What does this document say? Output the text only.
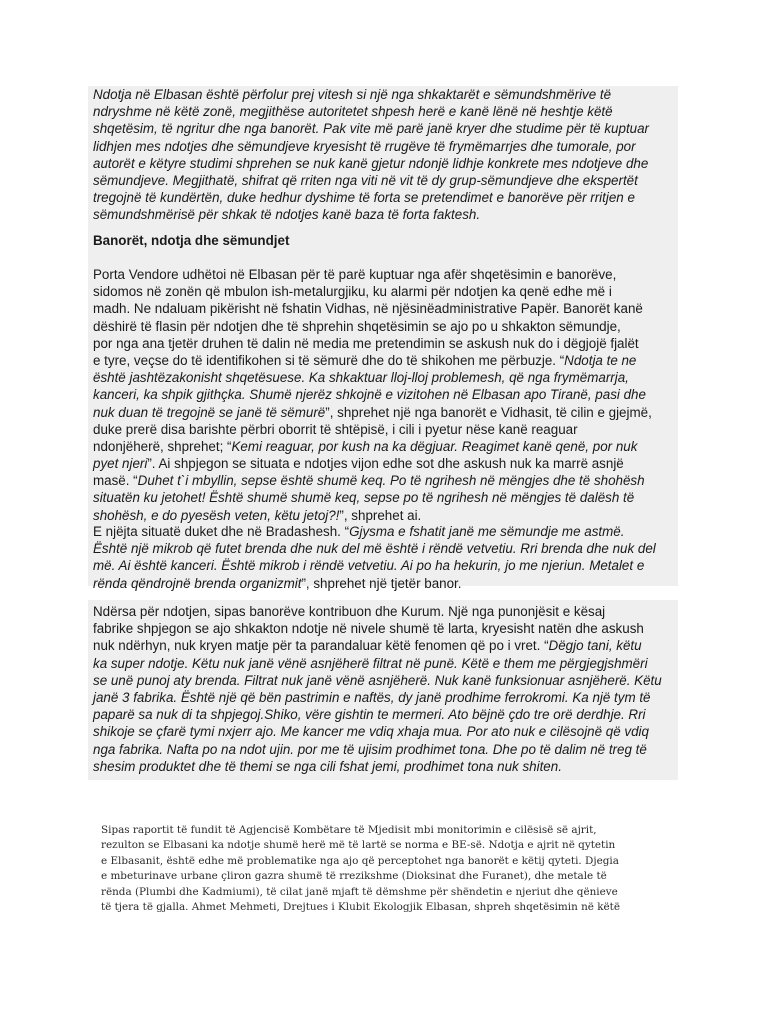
Ndotja në Elbasan është përfolur prej vitesh si një nga shkaktarët e sëmundshmërive të
ndryshme në këtë zonë, megjithëse autoritetet shpesh herë e kanë lënë në heshtje këtë
shqetësim, të ngritur dhe nga banorët. Pak vite më parë janë kryer dhe studime për të kuptuar
lidhjen mes ndotjes dhe sëmundjeve kryesisht të rrugëve të frymëmarrjes dhe tumorale, por
autorët e këtyre studimi shprehen se nuk kanë gjetur ndonjë lidhje konkrete mes ndotjeve dhe
sëmundjeve. Megjithatë, shifrat që rriten nga viti në vit të dy grup-sëmundjeve dhe ekspertët
tregojnë të kundërtën, duke hedhur dyshime të forta se pretendimet e banorëve për rritjen e
sëmundshmërisë për shkak të ndotjes kanë baza të forta faktesh.
Banorët, ndotja dhe sëmundjet
Porta Vendore udhëtoi në Elbasan për të parë kuptuar nga afër shqetësimin e banorëve,
sidomos në zonën që mbulon ish-metalurgjiku, ku alarmi për ndotjen ka qenë edhe më i
madh. Ne ndaluam pikërisht në fshatin Vidhas, në njësinëadministrative Papër. Banorët kanë
dëshirë të flasin për ndotjen dhe të shprehin shqetësimin se ajo po u shkakton sëmundje,
por nga ana tjetër druhen të dalin në media me pretendimin se askush nuk do i dëgjojë fjalët
e tyre, veçse do të identifikohen si të sëmurë dhe do të shikohen me përbuzje. “Ndotja te ne
është jashtëzakonisht shqetësuese. Ka shkaktuar lloj-lloj problemesh, që nga frymëmarrja,
kanceri, ka shpik gjithçka. Shumë njerëz shkojnë e vizitohen në Elbasan apo Tiranë, pasi dhe
nuk duan të tregojnë se janë të sëmurë”, shprehet një nga banorët e Vidhasit, të cilin e gjejmë,
duke prerë disa barishte përbri oborrit të shtëpisë, i cili i pyetur nëse kanë reaguar
ndonjëherë, shprehet; “Kemi reaguar, por kush na ka dëgjuar. Reagimet kanë qenë, por nuk
pyet njeri”. Ai shpjegon se situata e ndotjes vijon edhe sot dhe askush nuk ka marrë asnjë
masë. “Duhet t`i mbyllin, sepse është shumë keq. Po të ngrihesh në mëngjes dhe të shohësh
situatën ku jetohet! Është shumë shumë keq, sepse po të ngrihesh në mëngjes të dalësh të
shohësh, e do pyesësh veten, këtu jetoj?!”, shprehet ai.
E njëjta situatë duket dhe në Bradashesh. “Gjysma e fshatit janë me sëmundje me astmë.
Është një mikrob që futet brenda dhe nuk del më është i rëndë vetvetiu. Rri brenda dhe nuk del
më. Ai është kanceri. Është mikrob i rëndë vetvetiu. Ai po ha hekurin, jo me njeriun. Metalet e
rënda qëndrojnë brenda organizmit”, shprehet një tjetër banor.
Ndërsa për ndotjen, sipas banorëve kontribuon dhe Kurum. Një nga punonjësit e kësaj
fabrike shpjegon se ajo shkakton ndotje në nivele shumë të larta, kryesisht natën dhe askush
nuk ndërhyn, nuk kryen matje për ta parandaluar këtë fenomen që po i vret. “Dëgjo tani, këtu
ka super ndotje. Këtu nuk janë vënë asnjëherë filtrat në punë. Këtë e them me përgjegjshmëri
se unë punoj aty brenda. Filtrat nuk janë vënë asnjëherë. Nuk kanë funksionuar asnjëherë. Këtu
janë 3 fabrika. Është një që bën pastrimin e naftës, dy janë prodhime ferrokromi. Ka një tym të
paparë sa nuk di ta shpjegoj.Shiko, vëre gishtin te mermeri. Ato bëjnë çdo tre orë derdhje. Rri
shikoje se çfarë tymi nxjerr ajo. Me kancer me vdiq xhaja mua. Por ato nuk e cilësojnë që vdiq
nga fabrika. Nafta po na ndot ujin. por me të ujisim prodhimet tona. Dhe po të dalim në treg të
shesim produktet dhe të themi se nga cili fshat jemi, prodhimet tona nuk shiten.
Sipas raportit të fundit të Agjencisë Kombëtare të Mjedisit mbi monitorimin e cilësisë së ajrit,
rezulton se Elbasani ka ndotje shumë herë më të lartë se norma e BE-së. Ndotja e ajrit në qytetin
e Elbasanit, është edhe më problematike nga ajo që perceptohet nga banorët e këtij qyteti. Djegia
e mbeturinave urbane çliron gazra shumë të rrezikshme (Dioksinat dhe Furanet), dhe metale të
rënda (Plumbi dhe Kadmiumi), të cilat janë mjaft të dëmshme për shëndetin e njeriut dhe qënieve
të tjera të gjalla. Ahmet Mehmeti, Drejtues i Klubit Ekologjik Elbasan, shpreh shqetësimin në këtë
